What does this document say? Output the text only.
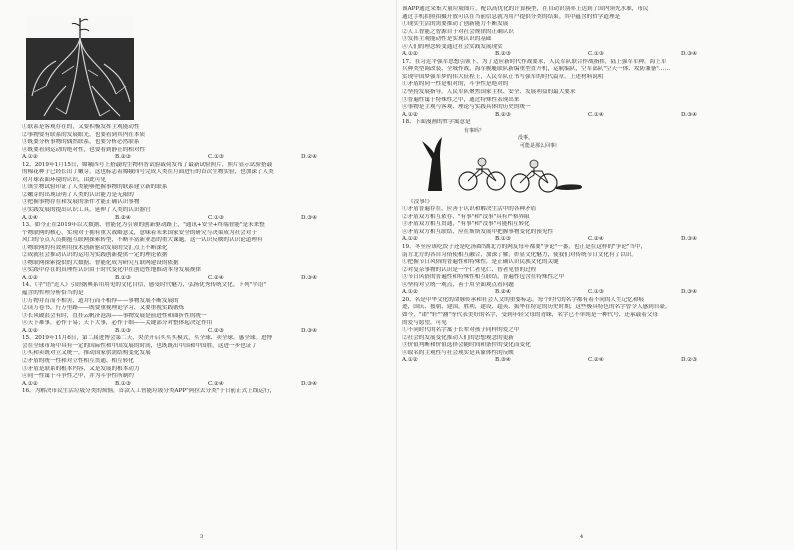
①联系是客观存在的，又要积极发挥主观能动性
②事物要有联系的发展眼光，也要看到其内在本质
③既要分析事物的偶然联系，也要分析必然联系
④既要看到运动的绝对性，也要看到静止的相对性
A.①②	B.②③	C.①③	D.②④
12、2019年1月15日，嫦娥四号上搭载的生物科普试验载荷发布了最新试验照片，照片显示试验搭载
的棉花种子已经长出了嫩芽，这也标志着嫦娥四号完成人类在月面进行的首次生物实验，也加深了人类
对月球表面环境的认识，由此可见
①该生物试验印证了人类能够把握事物的联系建立新的联系
②嫩芽的出现证明了人类的认识能力是无限的
③把握事物存在和发展的条件才能正确认识事物
④实践发展的提出认识工具，延伸了人类的认识器官
A.①④	B.②④	C.①③	D.③④
13、如今正在2019年以大数据、智能化为引领的创新驱动路上，"通讯+安全+终端智能"是未来整
个物联网的核心，实现对于拥有重大战略意义，意味着未来国家安全的研究与决策成为社会对于
风口的节点人员拥抱互联网探索转型，不断丰富新业态的重大课题。这一认识反映的认识论道理有
①物联网的有效利用技术创新驱动发展的交汇点上不断深化
②成就社会推动认识的运用为实践创新提供一定的理论依据
③物联网探索提供的大数据、智能化成为研究互联网建设的依据
④实践中存在的真理性认识由于时代变化中在创造性地推动本身发展规律
A.①②	B.①③	C.②④	D.③④
14、《平"语"近人》引经据典系用用见的文化自信，感受时代魅力，弘扬优秀传统文化。下列"平语"
蕴含的哲理分析恰当的是
①万物并育而不相害，道并行而不相悖——事物发展不断发展的
②读万卷书，行万里路——既要重视理论学习，又要重视实践锻炼
③长风破浪会有时，直挂云帆济沧海——事物发展是前进性和曲折性的统一
④天下难事，必作于易；天下大事，必作于细——关键部分对整体起决定作用
A.①②	B.①③	C.②③	D.③④
15、2019年11月6日，第二届进博会第二天，央企开启买买买模式，买全球、卖全球，惠全球。进博
会在全球市场中具有一定的国际性和中国发展的时间，也既既出中国和中国胜，这进一步也证了
①买和卖既对立又统一，推动国家供需结构变化发展
②矛盾的统一性和对立性相互贯通、相互转化
③矛盾是联系的根本内容，又是发展的根本动力
④同一性寓于斗争性之中，并为斗争性所制约
A.①②	B.①③	C.②④	D.③④
16、为解决市民生活垃圾分类的烦恼，首款人工智能垃圾分类APP"阿拉去分类"于日前正式上线运行，
3
该APP通过采集大量垃圾图片，配以高优化的计算模型，在自动识别率上达到了国内领先水准，市民
通过手机拍照拍摄开放可以在当前信息就为用户提供分类的结果。其中蕴含的哲学道理是
①现实生活的需要推动了创新能力不断发展
②人工智能之智源自于对社会规律的正确认识
③发挥主观能动性是实现认识的基础
④人们的理念转变通过社会实践发展现实
A.①②	B.②③	C.①③	D.③④
17、在习近平强军思想引领下，为了适应新时代作战要求，人民军队联合作战指挥，陆上强军军种，海上军
兵种类型调改装、全域作战，海军舰艇联队新编重型直升机，运航编队，空军部队"空天一体、攻防兼备"……
实现中国梦强军梦的伟大征程上，人民军队正书写强军的时代篇章。上述材料说明
①矛盾的同一性是相对的，斗争性是绝对的
②坚持发展指导，人民军队聚焦国家主权、安全、发展利益的最大要求
③普遍性寓于特殊性之中，通过特殊性表现出来
④事物是主观与客观、理论与实践具体的历史的统一
A.①②	B.②③	C.①④	D.③④
18、下面漫画的哲学寓意是
有事吗？
没事。
可能是那么回事!
《没事!》
①矛盾普遍存在，应善于认识和解决生活中的各种矛盾
②矛盾双方相互依存，"有事"和"没事"具有严格界限
③矛盾双方相互贯通，"有事"和"没事"可能相互转化
④矛盾双方相互联结，应在斯斯发展中把握事物变化的预见性
A.①②	B.①③	C.②④	D.③④
19、冬至应该吃饺子还是吃汤圆?湖北方的网友每年都要"争论"一番，也正是在这样的"争论"当中，
南方北方的各自习俗使相互融合，加深了解，彰显文化魅力，使我们对传统节日文化有了以识。
①把握节日风俗的普遍性和特殊性，是正确认识民族文化的关键
②对复杂事物的认识是一个仁者见仁、智者见智的过程
③节日风俗的普遍性和特殊性相互联结，普遍性包含在特殊性之中
④坚持对立统一观点，善于用全面观点看问题
A.①②	B.②④	C.①③	D.③④
20、名是中华文化的命脉传承和社会人文的重要标志。每个时代的名字都有着不同的人生记忆和痕
迹，国庆、援朝、建国，胜利，建设、超英、振华在特定的历史时期，这些极具特色的名字曾令人感到自豪。
如今，"诺""轩""涵"等代表美好的名字，受到年轻父母的青睐，名字已不单纯是一种代号，还承载着父母
的爱与愿望，可见
①不同时代的名字寓于长辈对孩子同样的爱之中
②社会的发展变化推动人们的思想观念的更新
③价值判断和价值选择会随时间和条件的变化而变化
④取名的主观性与社会现实是具象体性的反映
A.①②	B.③④	C.②④	D.②③
4
